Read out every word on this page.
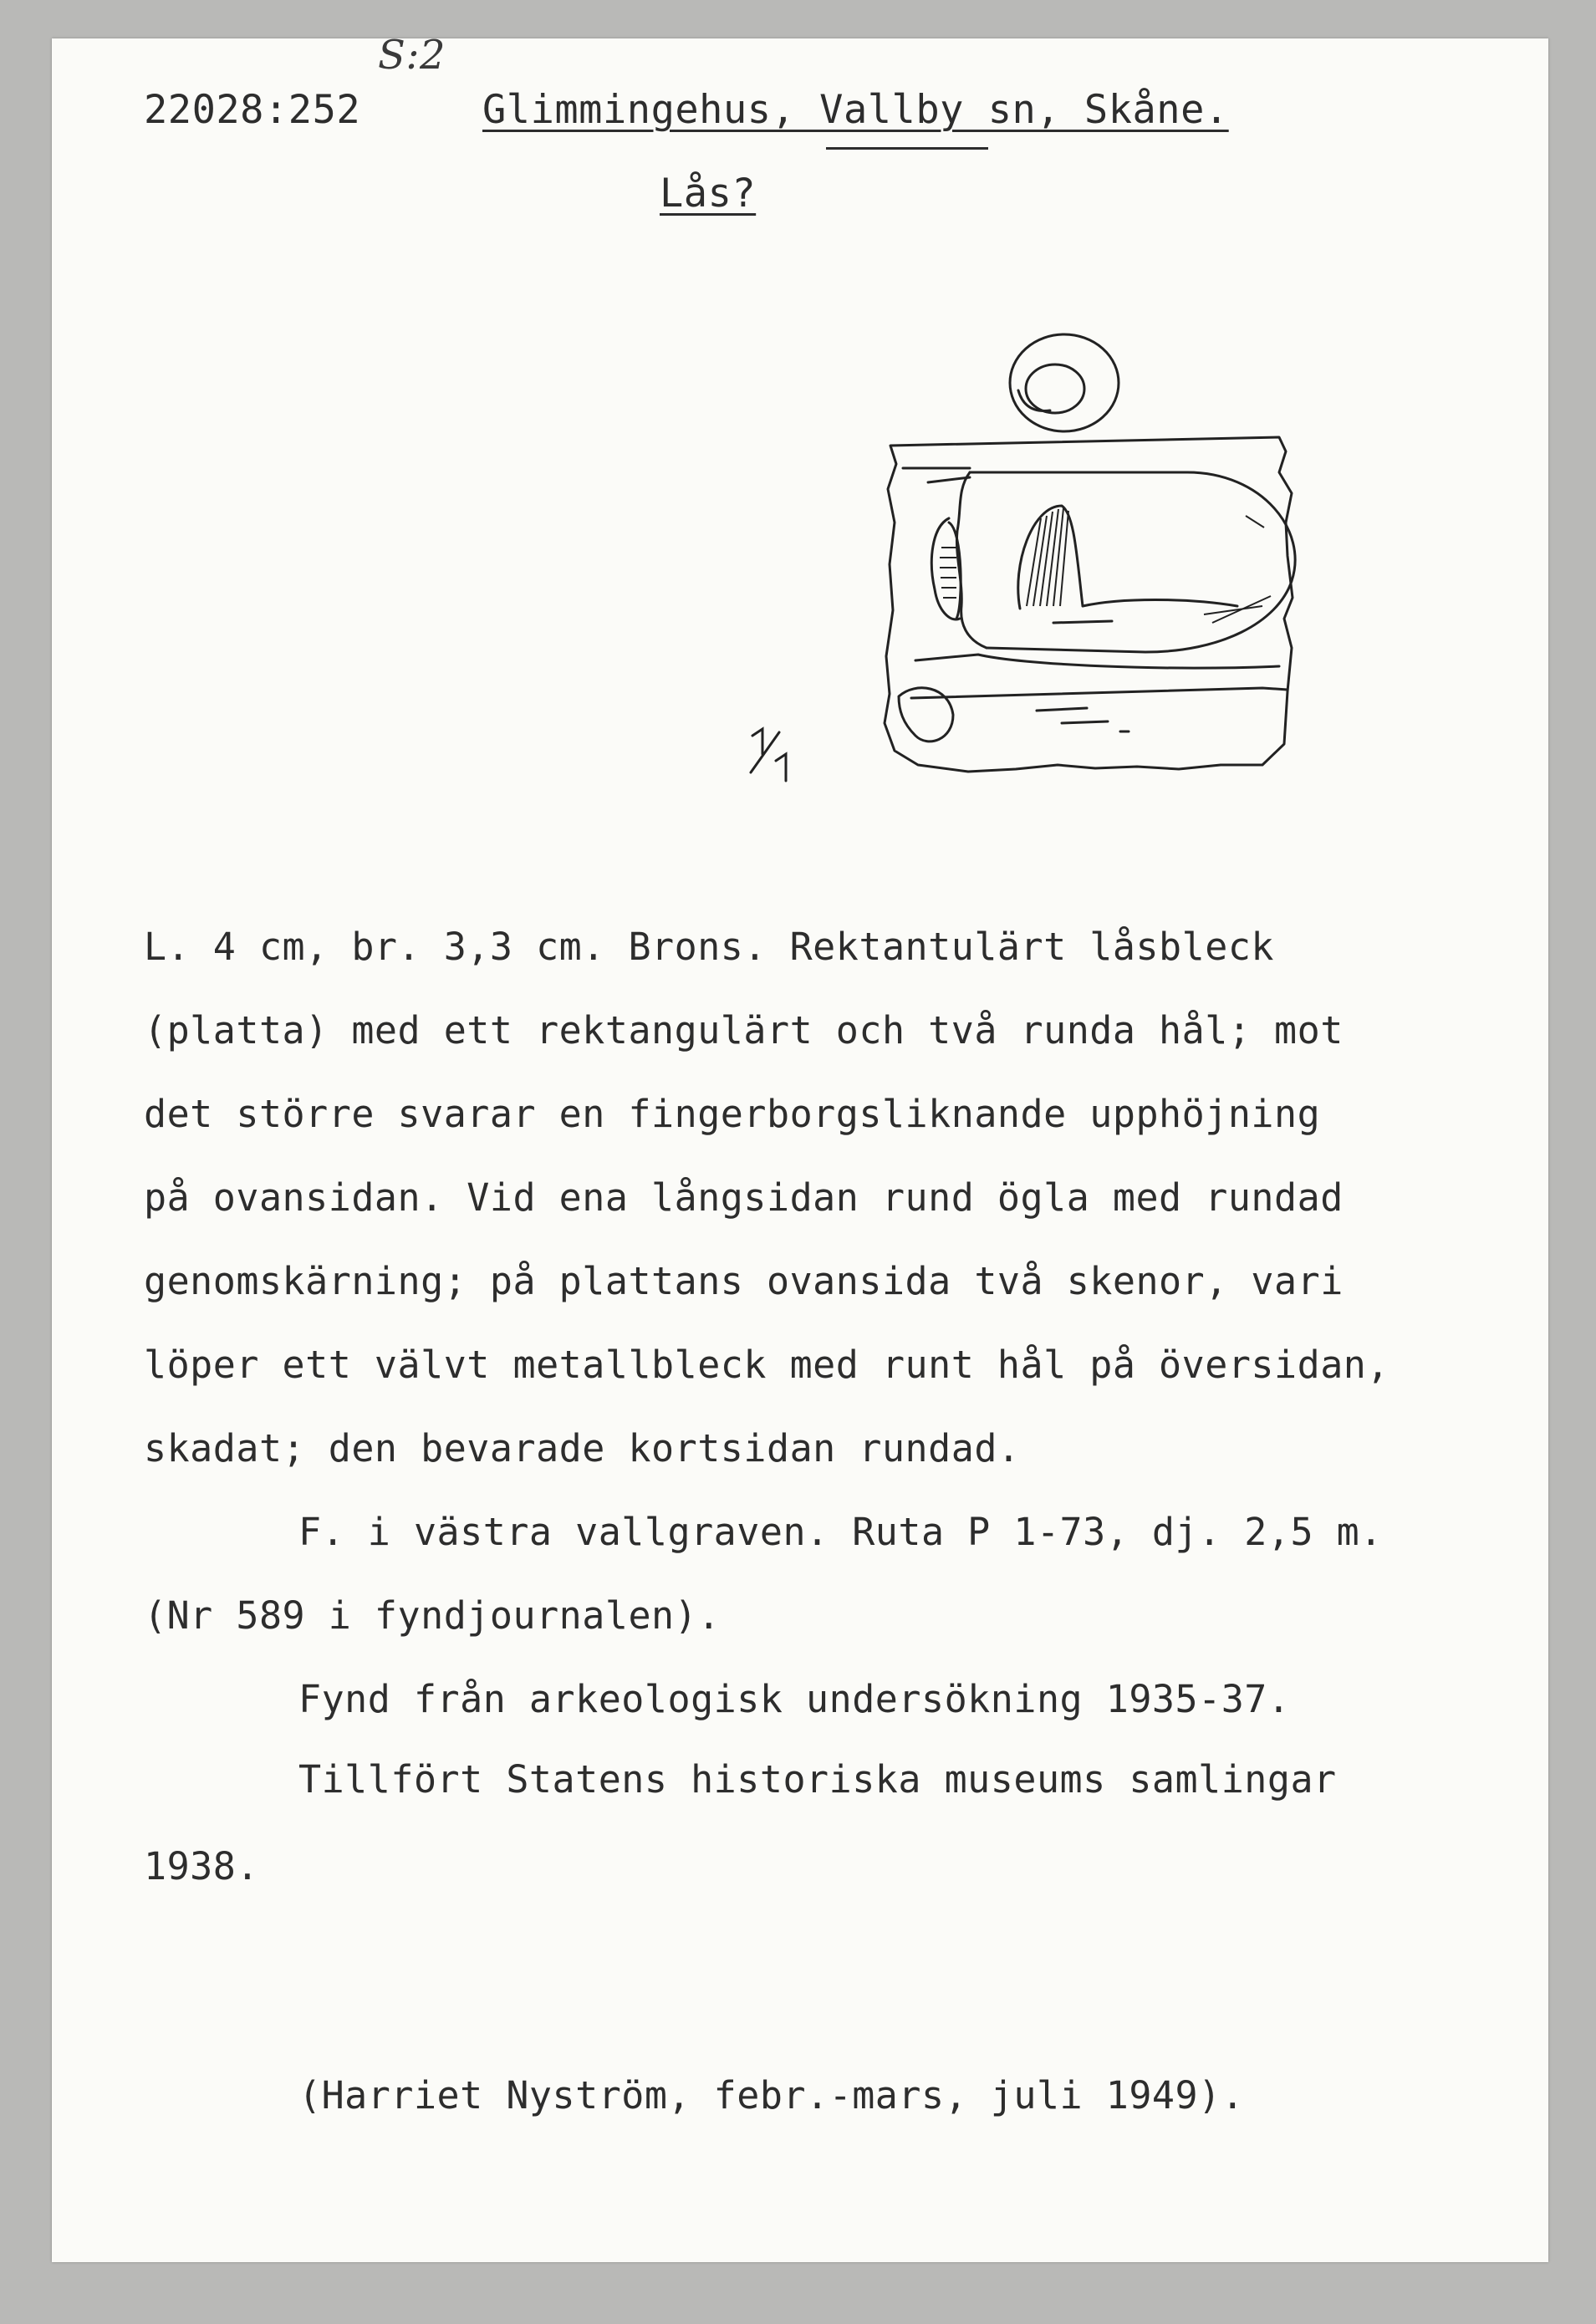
S:2
22028:252	Glimmingehus, Vallby sn, Skåne.
Lås?
L. 4 cm, br. 3,3 cm. Brons. Rektantulärt låsbleck
(platta) med ett rektangulärt och två runda hål; mot
det större svarar en fingerborgsliknande upphöjning
på ovansidan. Vid ena långsidan rund ögla med rundad
genomskärning; på plattans ovansida två skenor, vari
löper ett välvt metallbleck med runt hål på översidan,
skadat; den bevarade kortsidan rundad.
F. i västra vallgraven. Ruta P 1-73, dj. 2,5 m.
(Nr 589 i fyndjournalen).
Fynd från arkeologisk undersökning 1935-37.
Tillfört Statens historiska museums samlingar
1938.
(Harriet Nyström, febr.-mars, juli 1949).
